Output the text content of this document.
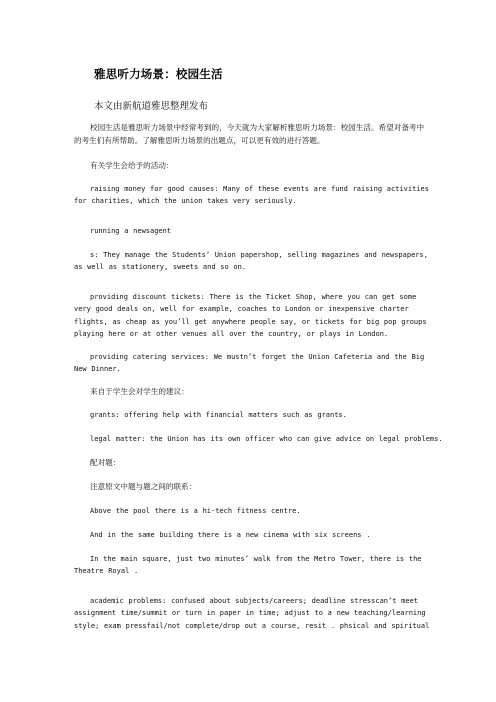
雅思听力场景：校园生活
本文由新航道雅思整理发布
校园生活是雅思听力场景中经常考到的，今天就为大家解析雅思听力场景：校园生活。希望对备考中的考生们有所帮助。了解雅思听力场景的出题点，可以更有效的进行答题。
有关学生会给予的活动：
raising money for good causes: Many of these events are fund raising activities for charities, which the union takes very seriously.
running a newsagent
s: They manage the Students’ Union papershop, selling magazines and newspapers, as well as stationery, sweets and so on.
providing discount tickets: There is the Ticket Shop, where you can get some very good deals on, well for example, coaches to London or inexpensive charter flights, as cheap as you’ll get anywhere people say, or tickets for big pop groups playing here or at other venues all over the country, or plays in London.
providing catering services: We mustn’t forget the Union Cafeteria and the Big New Dinner.
来自于学生会对学生的建议：
grants: offering help with financial matters such as grants.
legal matter: the Union has its own officer who can give advice on legal problems.
配对题：
注意原文中题与题之间的联系：
Above the pool there is a hi-tech fitness centre.
And in the same building there is a new cinema with six screens .
In the main square, just two minutes’ walk from the Metro Tower, there is the Theatre Royal .
academic problems: confused about subjects/careers; deadline stresscan’t meet assignment time/summit or turn in paper in time; adjust to a new teaching/learning style; exam pressfail/not complete/drop out a course, resit . phsical and spiritual
